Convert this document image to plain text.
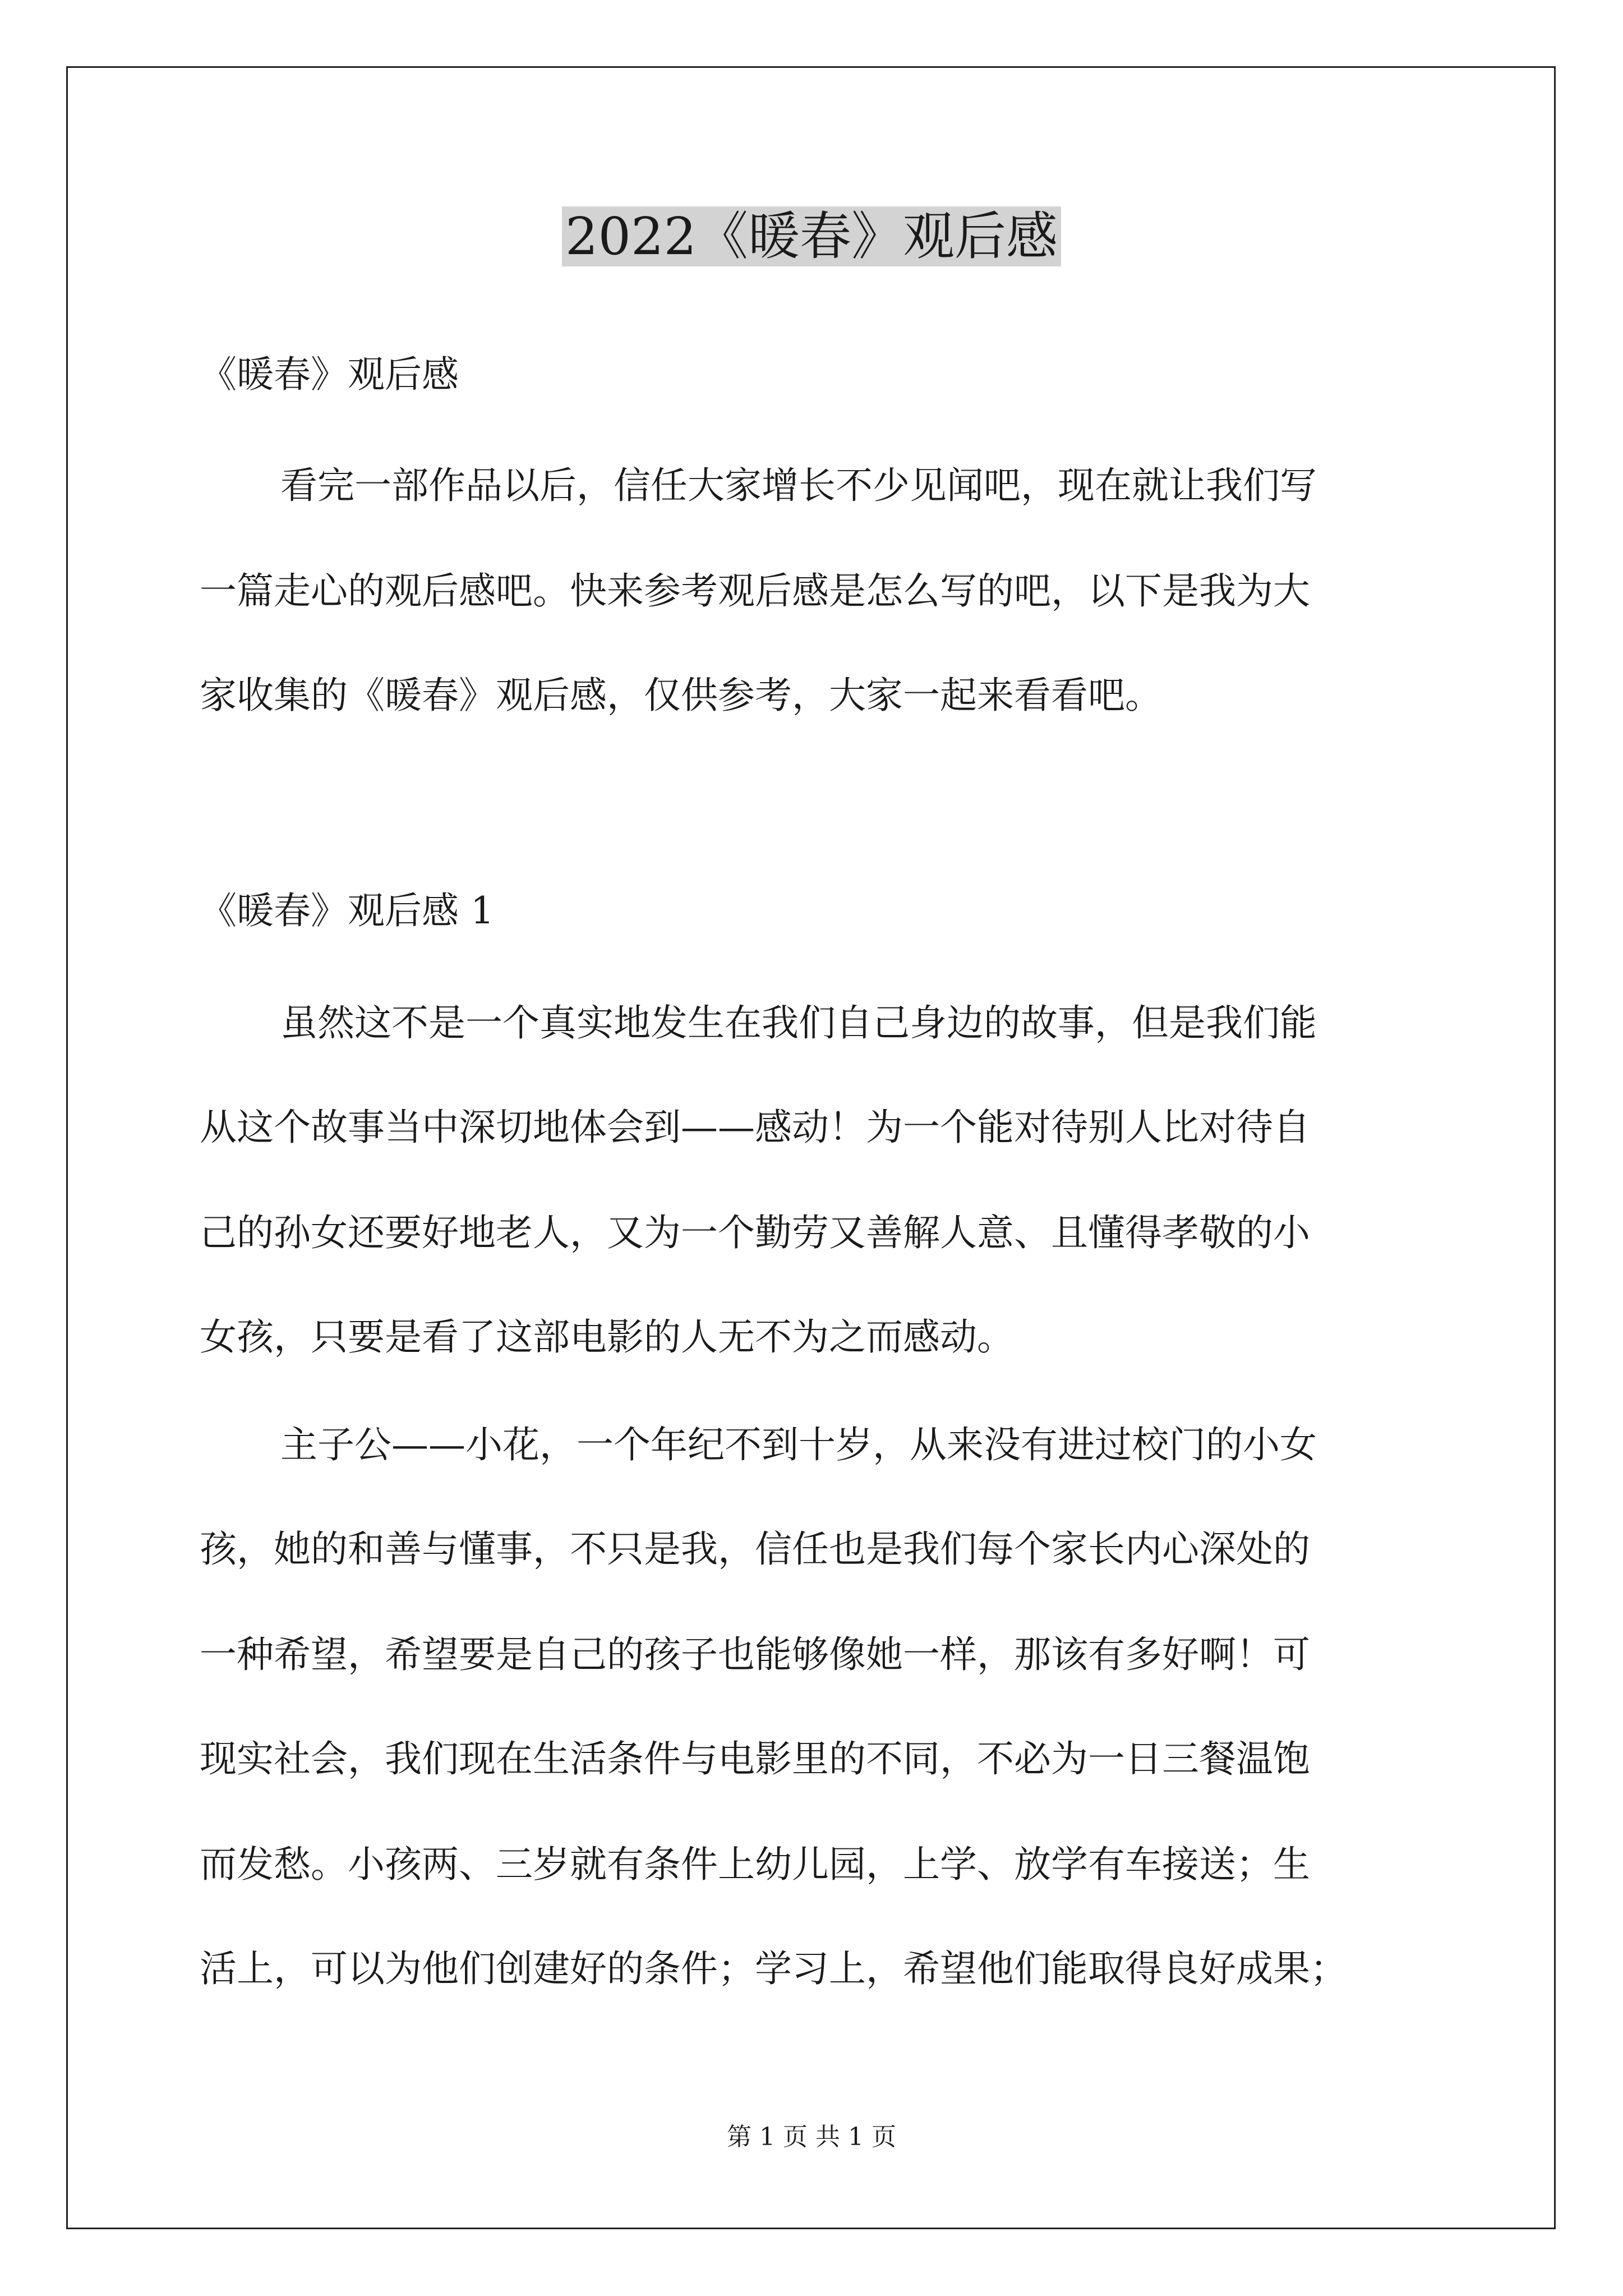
2022《暖春》观后感

《暖春》观后感

看完一部作品以后，信任大家增长不少见闻吧，现在就让我们写

一篇走心的观后感吧。快来参考观后感是怎么写的吧，以下是我为大

家收集的《暖春》观后感，仅供参考，大家一起来看看吧。

《暖春》观后感 1

虽然这不是一个真实地发生在我们自己身边的故事，但是我们能

从这个故事当中深切地体会到——感动！为一个能对待别人比对待自

己的孙女还要好地老人，又为一个勤劳又善解人意、且懂得孝敬的小

女孩，只要是看了这部电影的人无不为之而感动。

主子公——小花，一个年纪不到十岁，从来没有进过校门的小女

孩，她的和善与懂事，不只是我，信任也是我们每个家长内心深处的

一种希望，希望要是自己的孩子也能够像她一样，那该有多好啊！可

现实社会，我们现在生活条件与电影里的不同，不必为一日三餐温饱

而发愁。小孩两、三岁就有条件上幼儿园，上学、放学有车接送；生

活上，可以为他们创建好的条件；学习上，希望他们能取得良好成果；

第 1 页 共 1 页
